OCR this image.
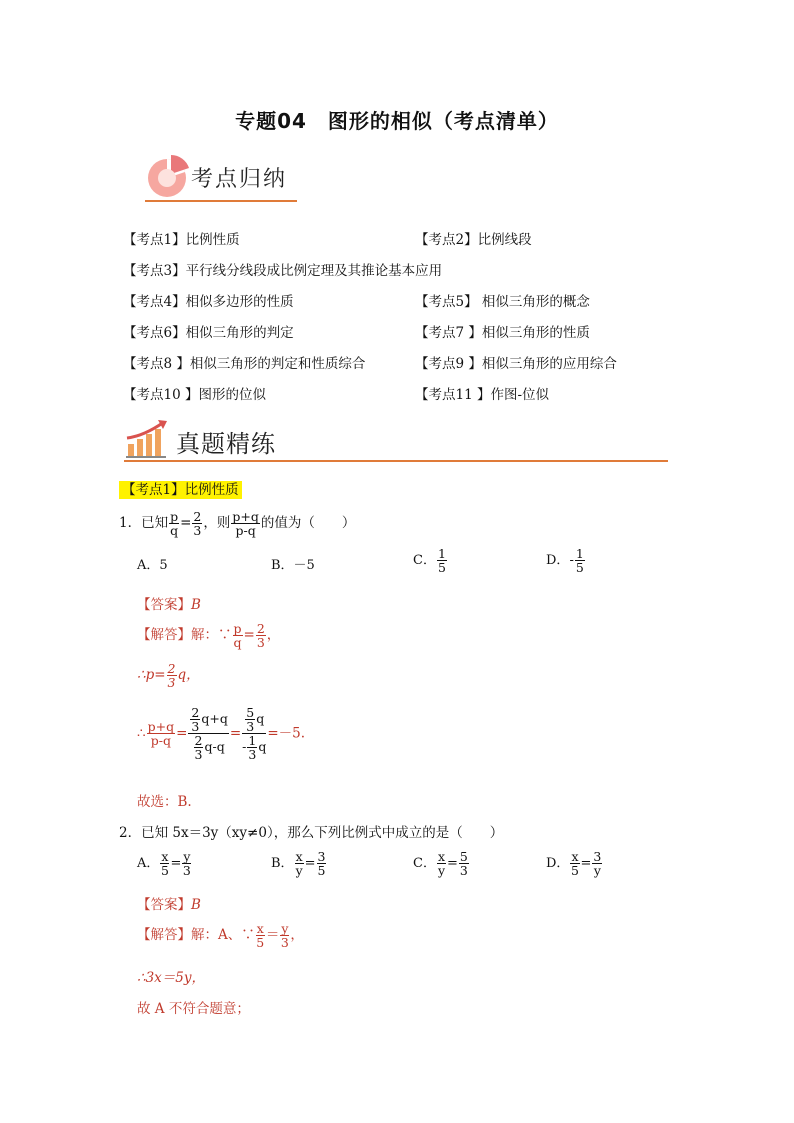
专题04　图形的相似（考点清单）
考点归纳
【考点1】比例性质	【考点2】比例线段
【考点3】平行线分线段成比例定理及其推论基本应用
【考点4】相似多边形的性质	【考点5】 相似三角形的概念
【考点6】相似三角形的判定	【考点7 】相似三角形的性质
【考点8 】相似三角形的判定和性质综合	【考点9 】相似三角形的应用综合
【考点10 】图形的位似	【考点11 】作图-位似
真题精练
【考点1】比例性质
1．已知 $\frac{p}{q} = \frac{2}{3}$ ，则 $\frac{p+q}{p-q}$ 的值为（　　）
A．5	B．－5	C． $\frac{1}{5}$	D．- $\frac{1}{5}$
【答案】B
【解答】解：∵ $\frac{p}{q} = \frac{2}{3}$ ，
∴p= $\frac{2}{3}$ q，
∴ $\frac{p+q}{p-q} = \frac{\frac{2}{3} q+q}{\frac{2}{3} q-q} = \frac{\frac{5}{3} q}{- \frac{1}{3} q} =-5$.
故选：B.
2．已知 5x＝3y（xy≠0），那么下列比例式中成立的是（　　）
A． $\frac{x}{5} = \frac{y}{3}$	B． $\frac{x}{y} = \frac{3}{5}$	C． $\frac{x}{y} = \frac{5}{3}$	D． $\frac{x}{5} = \frac{3}{y}$
【答案】B
【解答】解：A、∵ $\frac{x}{5} = \frac{y}{3}$ ，
∴3x＝5y，
故 A 不符合题意；
